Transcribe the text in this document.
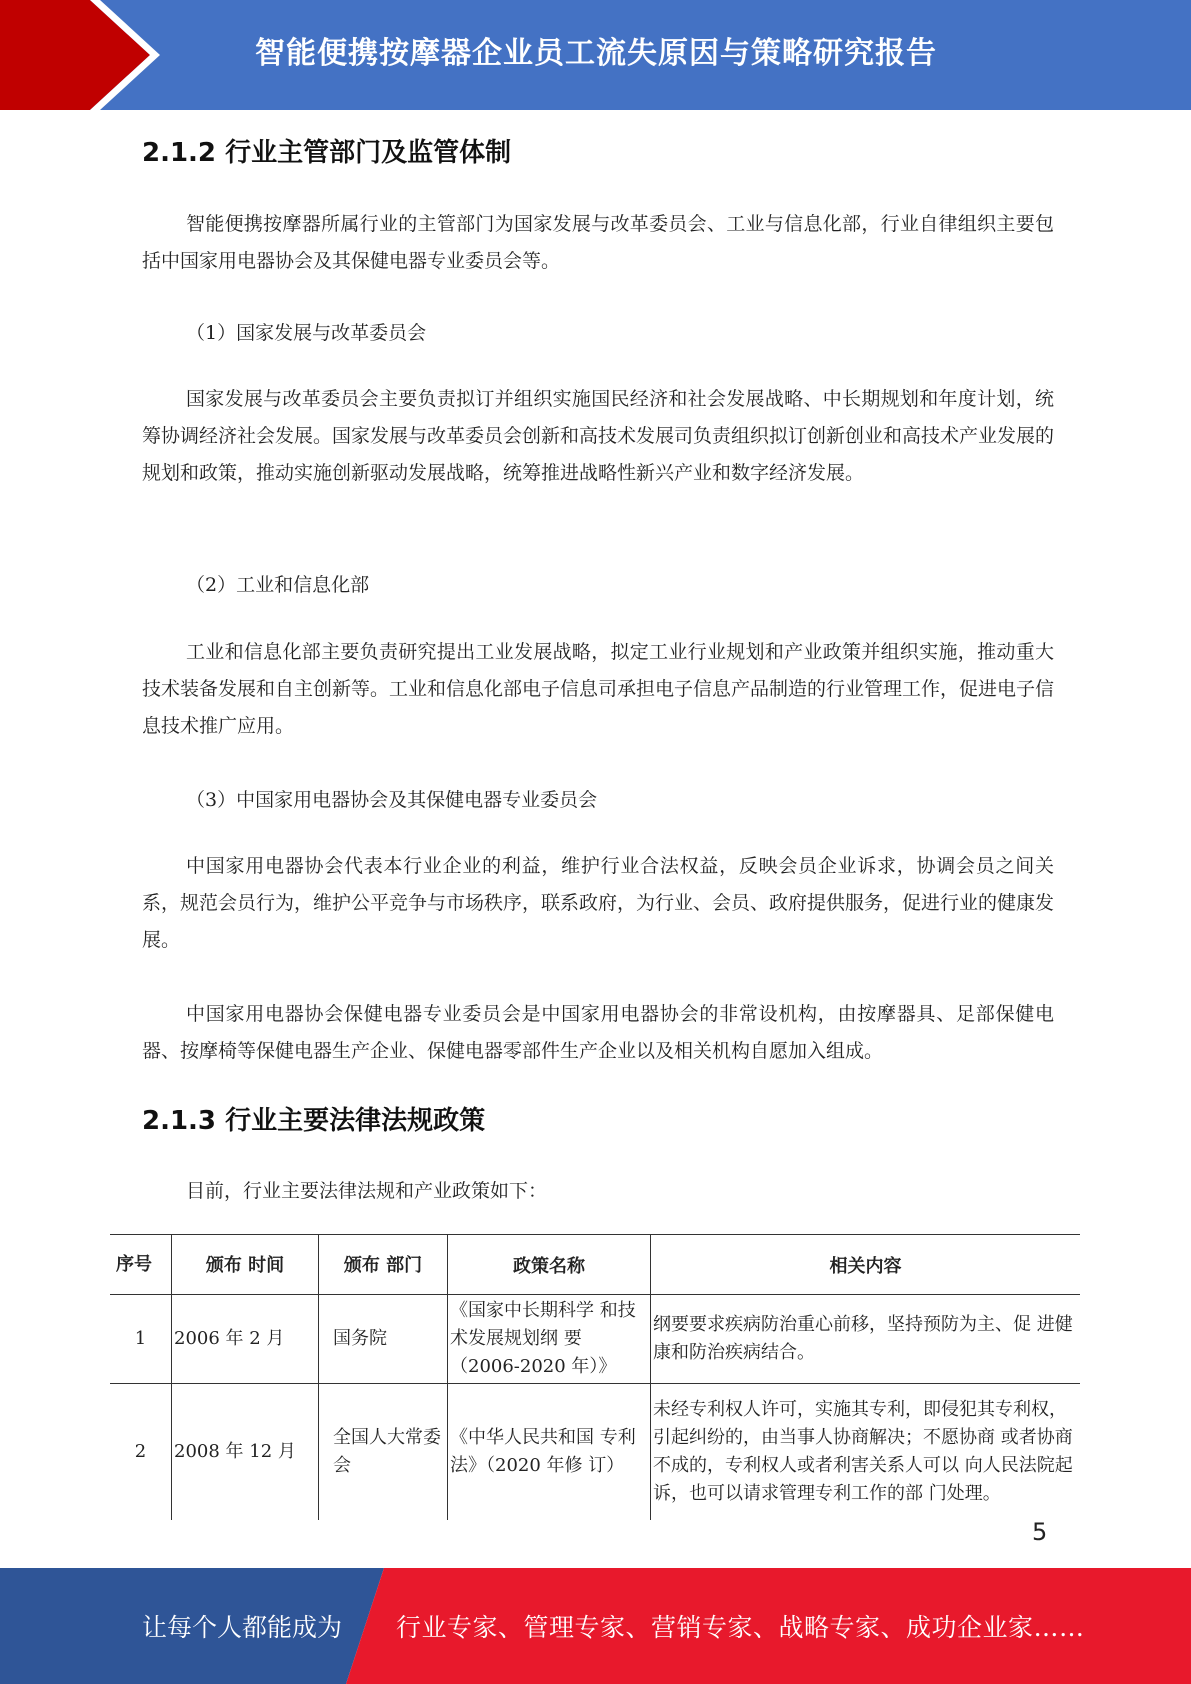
智能便携按摩器企业员工流失原因与策略研究报告
2.1.2 行业主管部门及监管体制
智能便携按摩器所属行业的主管部门为国家发展与改革委员会、工业与信息化部，行业自律组织主要包括中国家用电器协会及其保健电器专业委员会等。
（1）国家发展与改革委员会
国家发展与改革委员会主要负责拟订并组织实施国民经济和社会发展战略、中长期规划和年度计划，统筹协调经济社会发展。国家发展与改革委员会创新和高技术发展司负责组织拟订创新创业和高技术产业发展的规划和政策，推动实施创新驱动发展战略，统筹推进战略性新兴产业和数字经济发展。
（2）工业和信息化部
工业和信息化部主要负责研究提出工业发展战略，拟定工业行业规划和产业政策并组织实施，推动重大技术装备发展和自主创新等。工业和信息化部电子信息司承担电子信息产品制造的行业管理工作，促进电子信息技术推广应用。
（3）中国家用电器协会及其保健电器专业委员会
中国家用电器协会代表本行业企业的利益，维护行业合法权益，反映会员企业诉求，协调会员之间关系，规范会员行为，维护公平竞争与市场秩序，联系政府，为行业、会员、政府提供服务，促进行业的健康发展。
中国家用电器协会保健电器专业委员会是中国家用电器协会的非常设机构，由按摩器具、足部保健电器、按摩椅等保健电器生产企业、保健电器零部件生产企业以及相关机构自愿加入组成。
2.1.3 行业主要法律法规政策
目前，行业主要法律法规和产业政策如下：
序号	颁布 时间	颁布 部门	政策名称	相关内容
1	2006 年 2 月	国务院	《国家中长期科学 和技术发展规划纲 要（2006-2020 年）》	纲要要求疾病防治重心前移，坚持预防为主、促 进健康和防治疾病结合。
2	2008 年 12 月	全国人大常委会	《中华人民共和国 专利法》（2020 年修 订）	未经专利权人许可，实施其专利，即侵犯其专利权，引起纠纷的，由当事人协商解决；不愿协商 或者协商不成的，专利权人或者利害关系人可以 向人民法院起诉，也可以请求管理专利工作的部 门处理。
5
让每个人都能成为 行业专家、管理专家、营销专家、战略专家、成功企业家……
